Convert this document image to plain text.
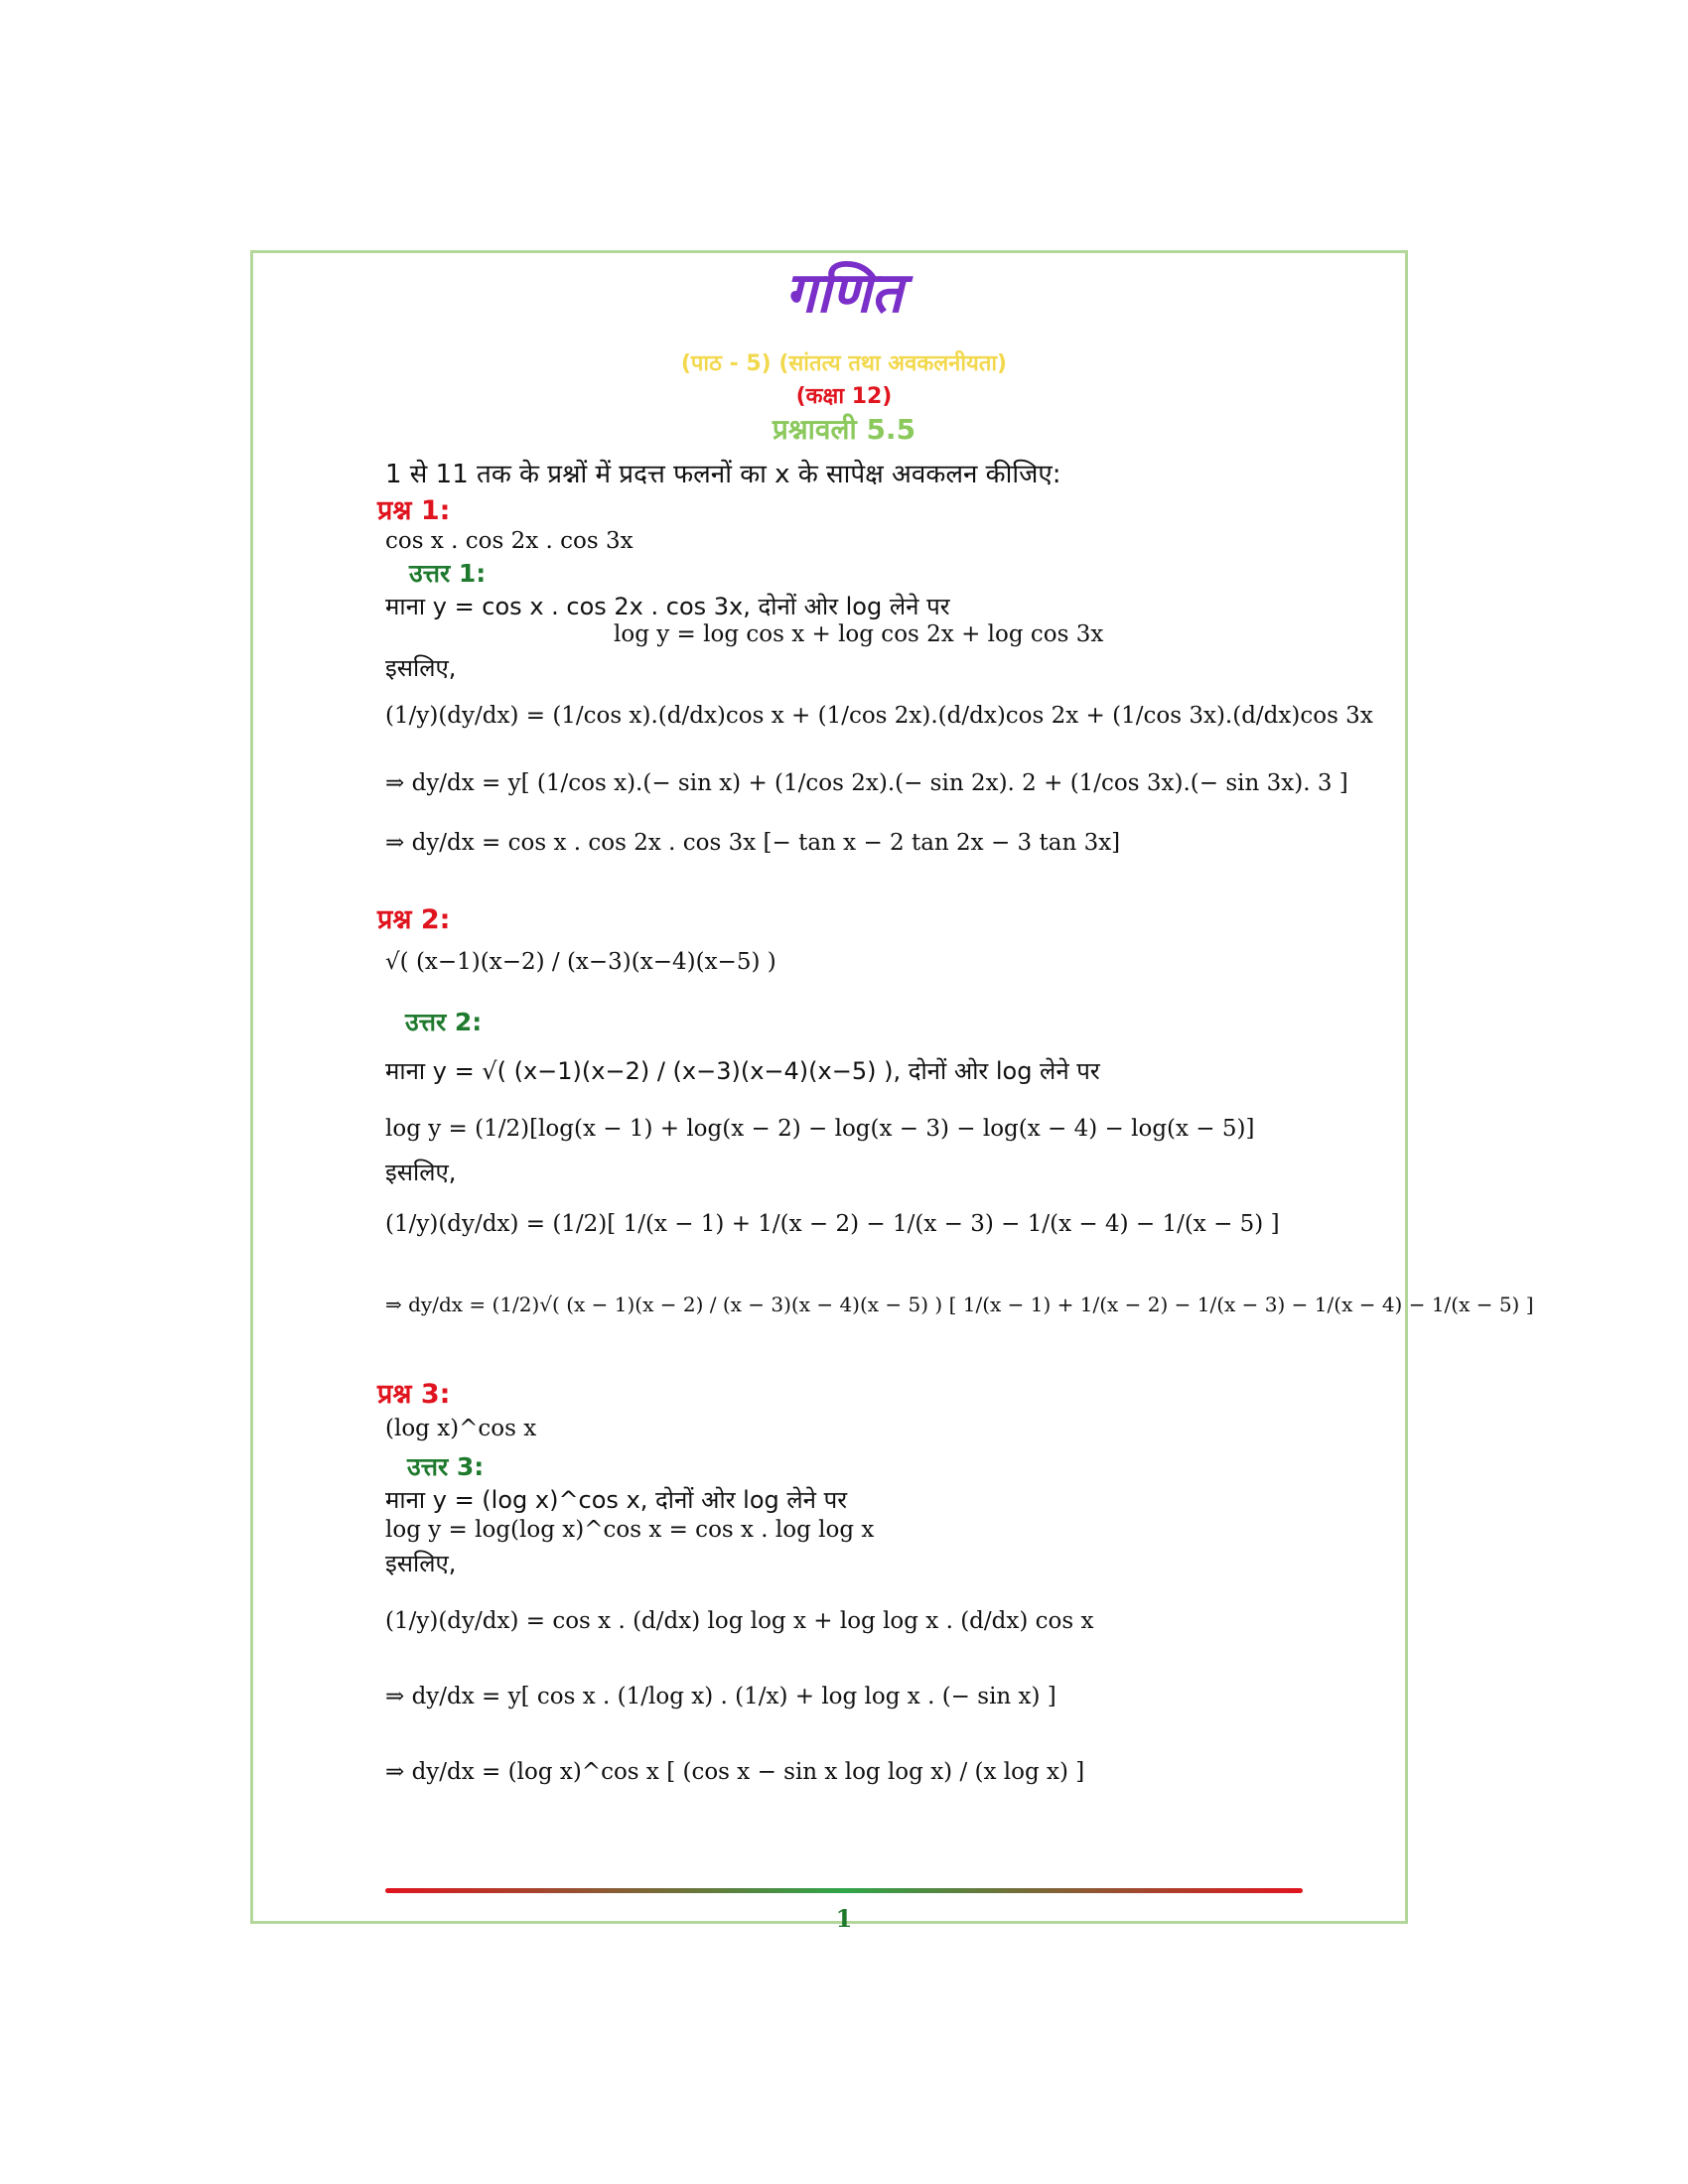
गणित
(पाठ - 5) (सांतत्य तथा अवकलनीयता)
(कक्षा 12)
प्रश्नावली 5.5
1 से 11 तक के प्रश्नों में प्रदत्त फलनों का x के सापेक्ष अवकलन कीजिए:
प्रश्न 1:
cos x . cos 2x . cos 3x
उत्तर 1:
माना y = cos x . cos 2x . cos 3x, दोनों ओर log लेने पर
log y = log cos x + log cos 2x + log cos 3x
इसलिए,
(1/y)(dy/dx) = (1/cos x).(d/dx)cos x + (1/cos 2x).(d/dx)cos 2x + (1/cos 3x).(d/dx)cos 3x
⇒ dy/dx = y[ (1/cos x).(− sin x) + (1/cos 2x).(− sin 2x). 2 + (1/cos 3x).(− sin 3x). 3 ]
⇒ dy/dx = cos x . cos 2x . cos 3x [− tan x − 2 tan 2x − 3 tan 3x]
प्रश्न 2:
√( (x−1)(x−2) / (x−3)(x−4)(x−5) )
उत्तर 2:
माना y = √( (x−1)(x−2) / (x−3)(x−4)(x−5) ), दोनों ओर log लेने पर
log y = (1/2)[log(x − 1) + log(x − 2) − log(x − 3) − log(x − 4) − log(x − 5)]
इसलिए,
(1/y)(dy/dx) = (1/2)[ 1/(x − 1) + 1/(x − 2) − 1/(x − 3) − 1/(x − 4) − 1/(x − 5) ]
⇒ dy/dx = (1/2)√( (x − 1)(x − 2) / (x − 3)(x − 4)(x − 5) ) [ 1/(x − 1) + 1/(x − 2) − 1/(x − 3) − 1/(x − 4) − 1/(x − 5) ]
प्रश्न 3:
(log x)^cos x
उत्तर 3:
माना y = (log x)^cos x, दोनों ओर log लेने पर
log y = log(log x)^cos x = cos x . log log x
इसलिए,
(1/y)(dy/dx) = cos x . (d/dx) log log x + log log x . (d/dx) cos x
⇒ dy/dx = y[ cos x . (1/log x) . (1/x) + log log x . (− sin x) ]
⇒ dy/dx = (log x)^cos x [ (cos x − sin x log log x) / (x log x) ]
1
